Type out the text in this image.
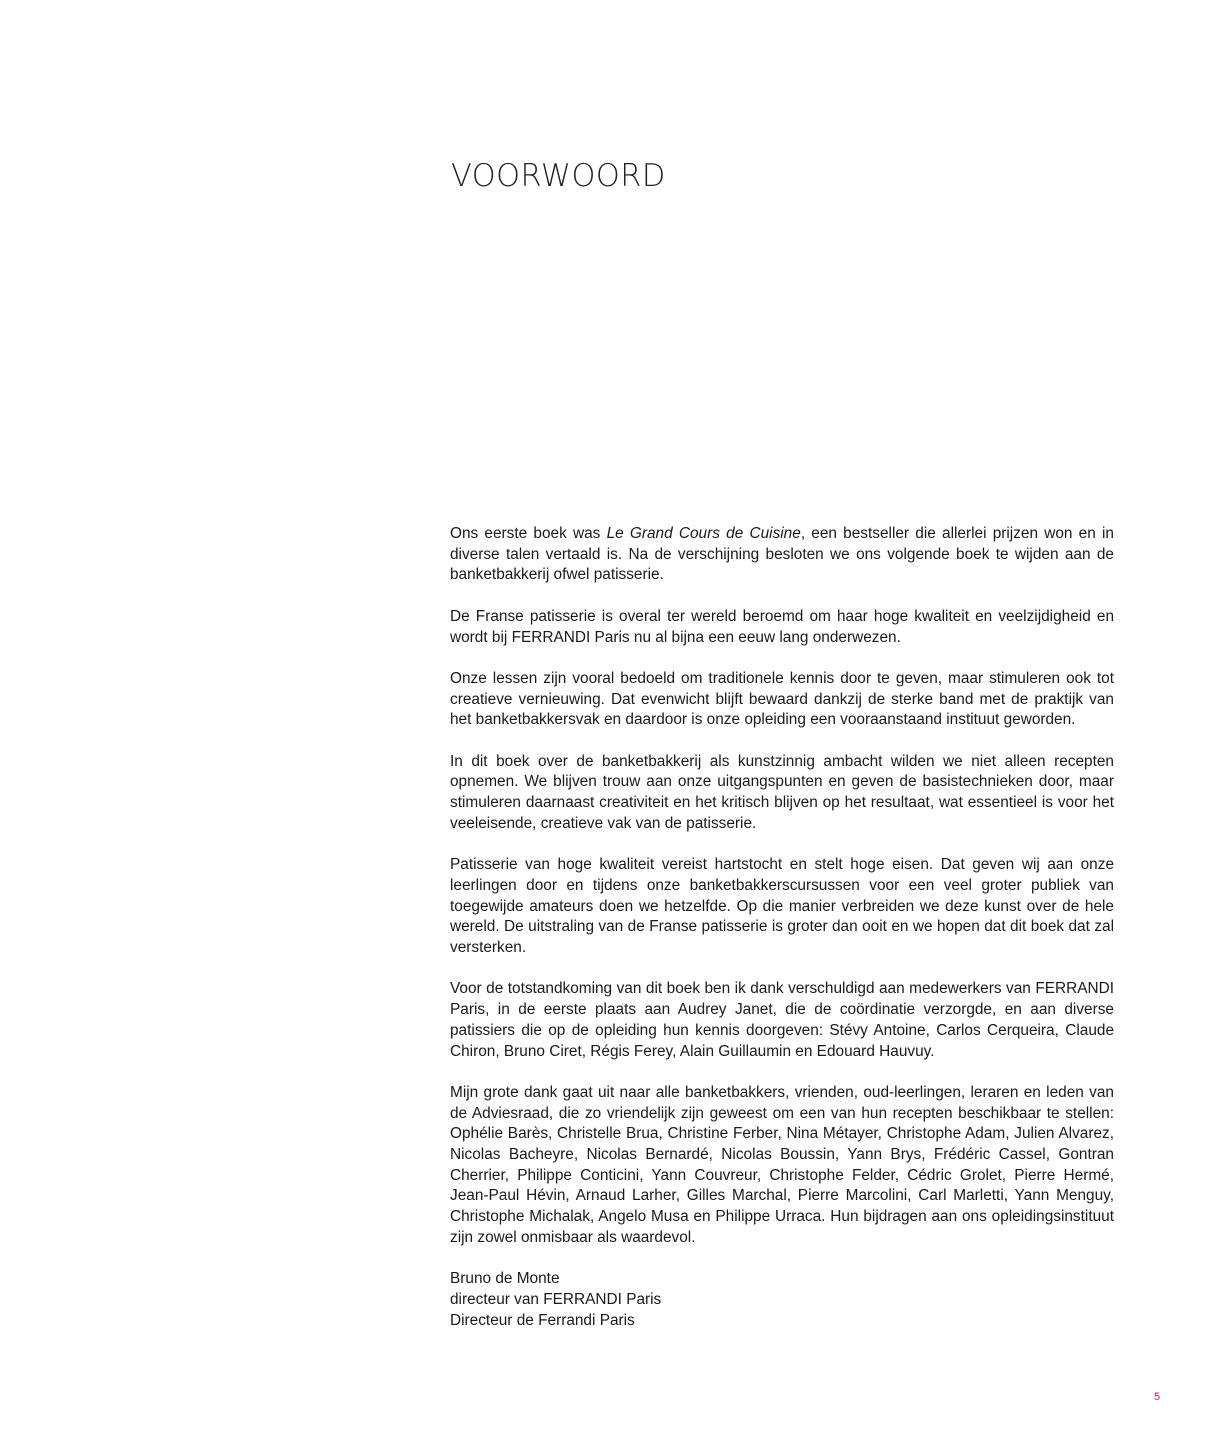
VOORWOORD

Ons eerste boek was Le Grand Cours de Cuisine, een bestseller die allerlei prijzen won en in diverse talen vertaald is. Na de verschijning besloten we ons volgende boek te wijden aan de banketbakkerij ofwel patisserie.

De Franse patisserie is overal ter wereld beroemd om haar hoge kwaliteit en veelzijdigheid en wordt bij FERRANDI Paris nu al bijna een eeuw lang onderwezen.

Onze lessen zijn vooral bedoeld om traditionele kennis door te geven, maar stimuleren ook tot creatieve vernieuwing. Dat evenwicht blijft bewaard dankzij de sterke band met de praktijk van het banketbakkersvak en daardoor is onze opleiding een vooraanstaand instituut geworden.

In dit boek over de banketbakkerij als kunstzinnig ambacht wilden we niet alleen recepten opnemen. We blijven trouw aan onze uitgangspunten en geven de basistechnieken door, maar stimuleren daarnaast creativiteit en het kritisch blijven op het resultaat, wat essentieel is voor het veeleisende, creatieve vak van de patisserie.

Patisserie van hoge kwaliteit vereist hartstocht en stelt hoge eisen. Dat geven wij aan onze leerlingen door en tijdens onze banketbakkerscursussen voor een veel groter publiek van toegewijde amateurs doen we hetzelfde. Op die manier verbreiden we deze kunst over de hele wereld. De uitstraling van de Franse patisserie is groter dan ooit en we hopen dat dit boek dat zal versterken.

Voor de totstandkoming van dit boek ben ik dank verschuldigd aan medewerkers van FERRANDI Paris, in de eerste plaats aan Audrey Janet, die de coördinatie verzorgde, en aan diverse patissiers die op de opleiding hun kennis doorgeven: Stévy Antoine, Carlos Cerqueira, Claude Chiron, Bruno Ciret, Régis Ferey, Alain Guillaumin en Edouard Hauvuy.

Mijn grote dank gaat uit naar alle banketbakkers, vrienden, oud-leerlingen, leraren en leden van de Adviesraad, die zo vriendelijk zijn geweest om een van hun recepten beschikbaar te stellen: Ophélie Barès, Christelle Brua, Christine Ferber, Nina Métayer, Christophe Adam, Julien Alvarez, Nicolas Bacheyre, Nicolas Bernardé, Nicolas Boussin, Yann Brys, Frédéric Cassel, Gontran Cherrier, Philippe Conticini, Yann Couvreur, Christophe Felder, Cédric Grolet, Pierre Hermé, Jean-Paul Hévin, Arnaud Larher, Gilles Marchal, Pierre Marcolini, Carl Marletti, Yann Menguy, Christophe Michalak, Angelo Musa en Philippe Urraca. Hun bijdragen aan ons opleidingsinstituut zijn zowel onmisbaar als waardevol.

Bruno de Monte
directeur van FERRANDI Paris
Directeur de Ferrandi Paris

5
